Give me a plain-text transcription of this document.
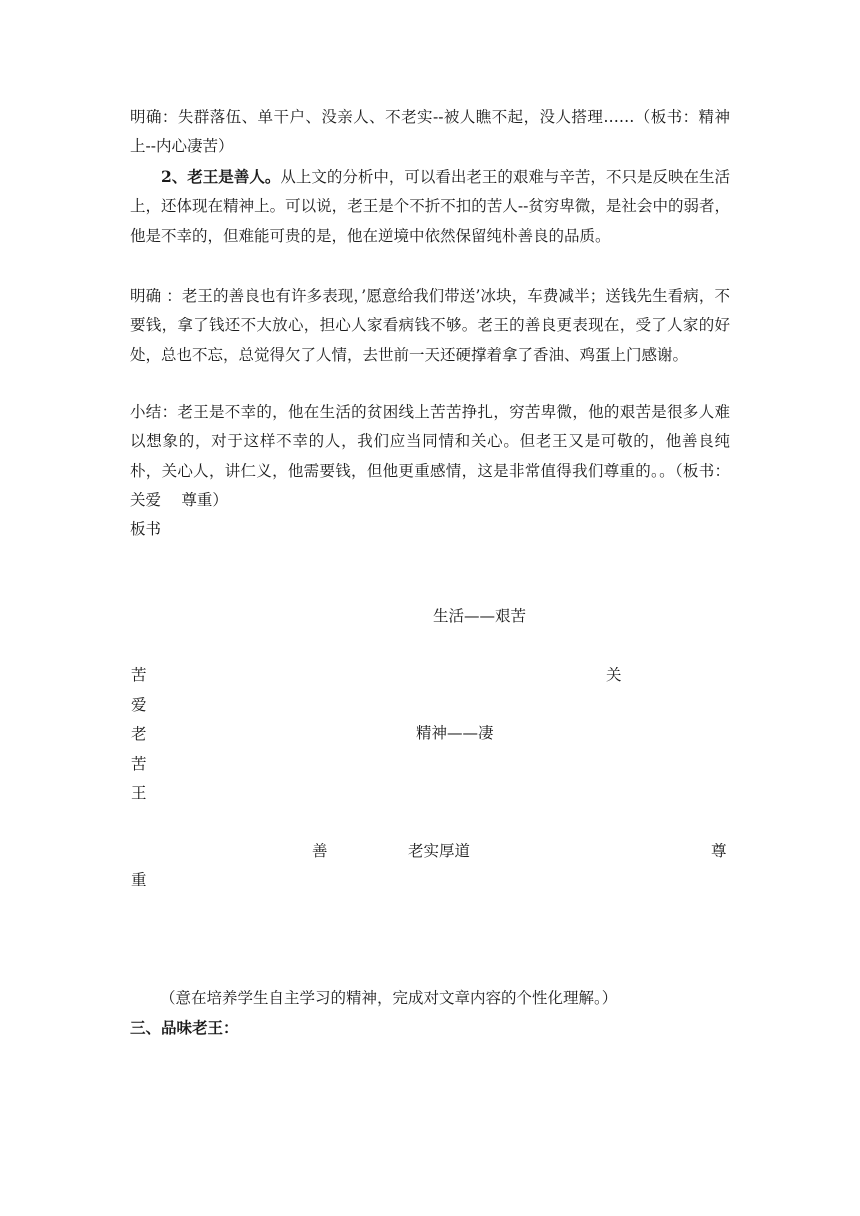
明确：失群落伍、单干户、没亲人、不老实--被人瞧不起，没人搭理……（板书：精神上--内心凄苦）

2、老王是善人。从上文的分析中，可以看出老王的艰难与辛苦，不只是反映在生活上，还体现在精神上。可以说，老王是个不折不扣的苦人--贫穷卑微，是社会中的弱者，他是不幸的，但难能可贵的是，他在逆境中依然保留纯朴善良的品质。

明确 ：老王的善良也有许多表现，’愿意给我们带送’冰块，车费减半；送钱先生看病，不要钱，拿了钱还不大放心，担心人家看病钱不够。老王的善良更表现在，受了人家的好处，总也不忘，总觉得欠了人情，去世前一天还硬撑着拿了香油、鸡蛋上门感谢。

小结：老王是不幸的，他在生活的贫困线上苦苦挣扎，穷苦卑微，他的艰苦是很多人难以想象的，对于这样不幸的人，我们应当同情和关心。但老王又是可敬的，他善良纯朴，关心人，讲仁义，他需要钱，但他更重感情，这是非常值得我们尊重的。。（板书：关爱　 尊重）

板书
生活——艰苦
苦
爱
老
苦
王
关
精神——凄
善	老实厚道	尊
重
（意在培养学生自主学习的精神，完成对文章内容的个性化理解。）
三、品味老王：
